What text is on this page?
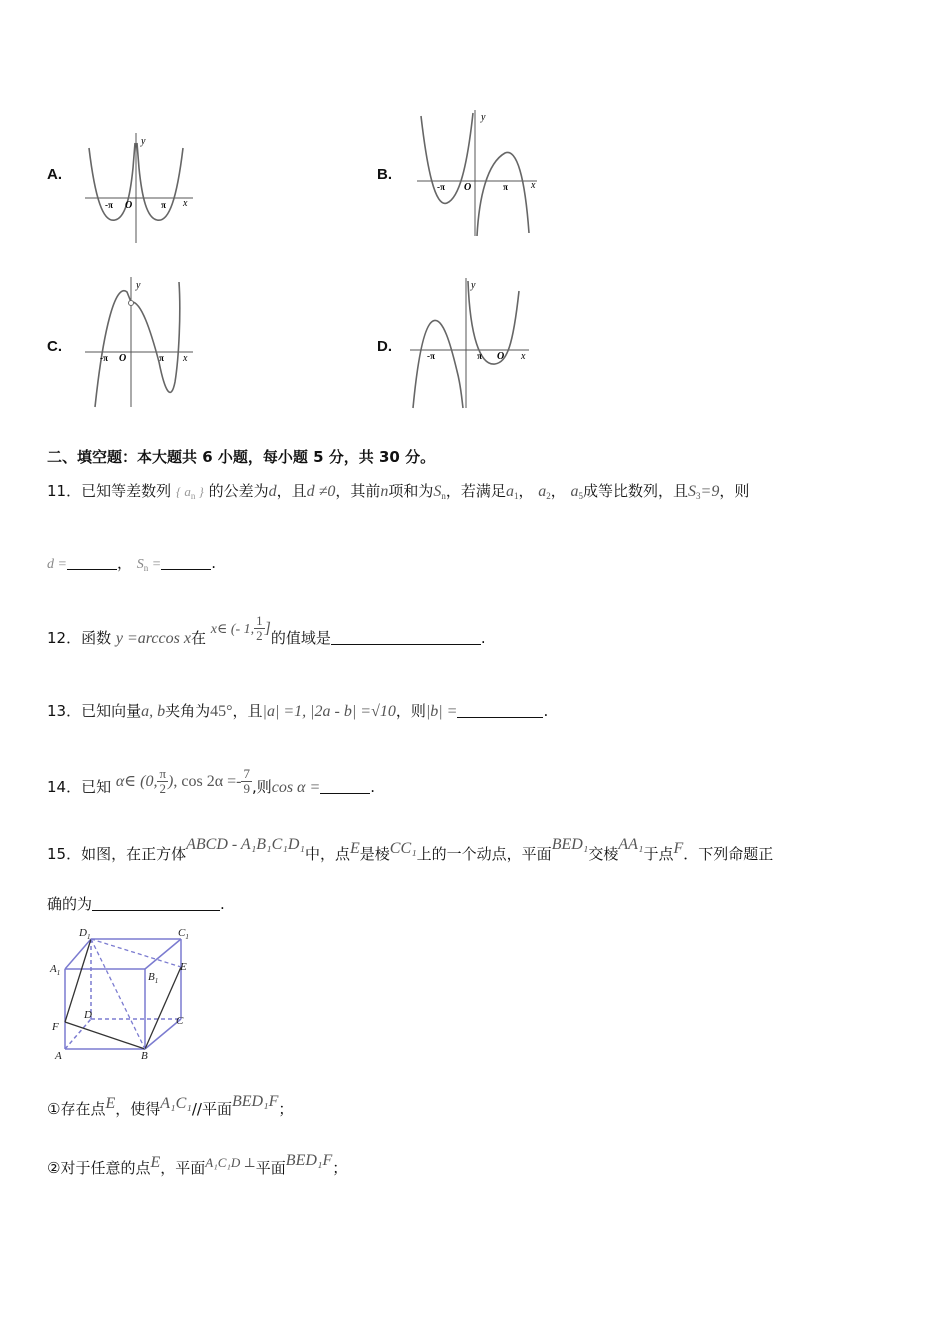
A.
y
x
O
-π	π
B.
y
x
O
-π	π
C.
y
x
O
-π	π
D.
y
x
O
-π	π
二、填空题：本大题共 6 小题，每小题 5 分，共 30 分。
11．已知等差数列 { $a_n$ } 的公差为d，且d ≠0，其前n项和为$S_n$，若满足$a_1$， $a_2$， $a_5$成等比数列，且$S_3=9$，则
d =	， $S_n$ =	.
12．函数 y =arccos x在 x∈ (- 1, $\frac{1}{2}$ ]的值域是	.
13．已知向量a, b夹角为45°，且|a| =1, |2a - b| =√10，则|b| =	.
14．已知 α∈ (0, $\frac{\pi}{2}$ ), $\cos 2\alpha =- \frac{7}{9}$ ,则cos α =	.
15．如图，在正方体ABCD - A₁B₁C₁D₁中，点E是棱CC₁上的一个动点，平面BED₁交棱AA₁于点F．下列命题正
确的为	.
$D_1$	$C_1$
$A_1$	$B_1$
E
D	C
F
A	B
①存在点E，使得A₁C₁//平面BED₁F；
②对于任意的点E，平面A₁C₁D ⊥平面BED₁F；
